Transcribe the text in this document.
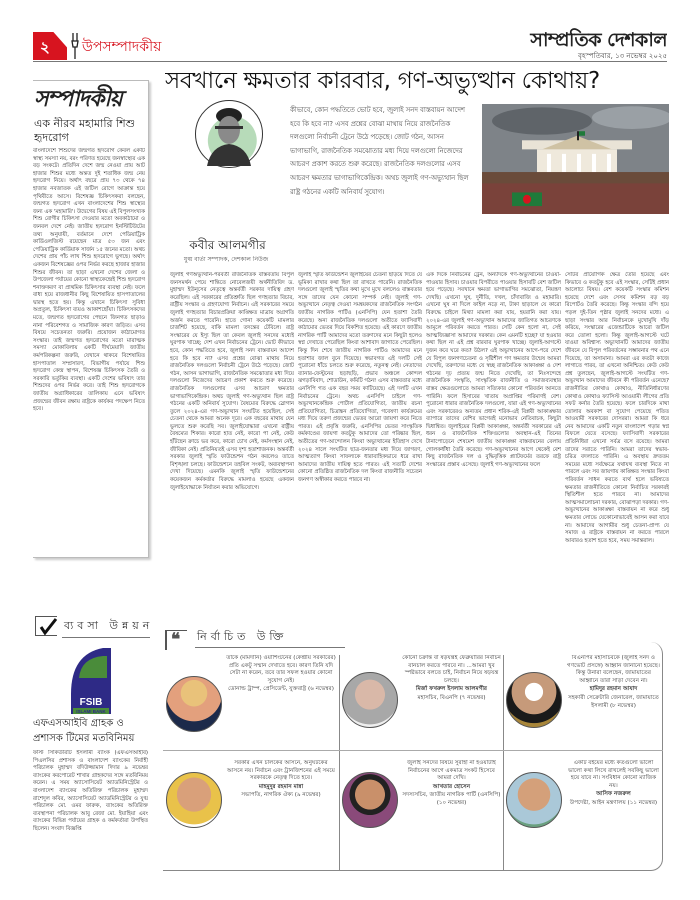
২ উপসম্পাদকীয়	সাম্প্রতিক দেশকাল
বৃহস্পতিবার, ১৩ নভেম্বর ২০২৫
সম্পাদকীয়
এক নীরব মহামারি শিশু হৃদরোগ
বাংলাদেশে শিশুদের জন্মগত হৃদরোগ কেবল একটি স্বাস্থ্য সমস্যা নয়, বরং পরিণত হয়েছে জনস্বাস্থ্যের এক বড় সংকটে। প্রতিদিন দেশে জন্ম নেওয়া প্রায় আট হাজার শিশুর মধ্যে অন্তত দুই শতাধিক জন্ম নেয় হৃদরোগ নিয়ে। অর্থাৎ বছরে প্রায় ৭৩ থেকে ৭৪ হাজার নবজাতক এই জটিল রোগে আক্রান্ত হয়ে পৃথিবীতে আসে। বিশেষজ্ঞ চিকিৎসকরা বলছেন, জন্মগত হৃদরোগ এখন বাংলাদেশের শিশু স্বাস্থ্যের জন্য এক 'মহামারি'। উদ্বেগের বিষয় এই বিপুলসংখ্যক শিশু রোগীর চিকিৎসা দেওয়ার মতো অবকাঠামো ও জনবল দেশে নেই। জাতীয় হৃদরোগ ইনস্টিটিউটের তথ্য অনুযায়ী, বর্তমানে দেশে পেডিয়াট্রিক কার্ডিওলজিস্ট রয়েছেন মাত্র ৫৩ জন এবং পেডিয়াট্রিক কার্ডিয়াক সার্জন ১৫ জনের মতো। অথচ দেশের প্রায় পাঁচ লাখ শিশু হৃদরোগে ভুগছে। অর্থাৎ একজন বিশেষজ্ঞের ওপর নির্ভর করছে হাজার হাজার শিশুর জীবন। তা ছাড়া এখনো দেশের জেলা ও উপজেলা পর্যায়ের কোনো স্বাস্থ্যকেন্দ্রেই শিশু হৃদরোগ শনাক্তকরণ বা প্রাথমিক চিকিৎসার ব্যবস্থা নেই। ফলে বাধ্য হয়ে রাজধানীর কিছু বিশেষায়িত হাসপাতালের দ্বারস্থ হতে হয়। কিন্তু এখানে চিকিৎসা সুবিধা অপ্রতুল, চিকিৎসা ব্যয়ও আকাশছোঁয়া। চিকিৎসকদের মতে, জন্মগত হৃদরোগের পেছনে জিনগত ছাড়াও নানা পরিবেশগত ও সামাজিক কারণ জড়িত। এসব বিষয়ে সচেতনতা জরুরি। প্রয়োজন কাঠামোগত সংস্কার। তাই জন্মগত হৃদরোগের মতো মারাত্মক সমস্যা মোকাবিলায় একটি দীর্ঘমেয়াদি জাতীয় কর্মপরিকল্পনা জরুরি, যেখানে থাকবে বিশেষায়িত হাসপাতাল সম্প্রসারণ, বিভাগীয় পর্যায়ে শিশু হৃদরোগ কেন্দ্র স্থাপন, বিশেষজ্ঞ চিকিৎসক তৈরি ও সরকারি ভর্তুকির ব্যবস্থা। একটি দেশের ভবিষ্যৎ তার শিশুদের ওপর নির্ভর করে। তাই শিশু হৃদরোগকে জাতীয় অগ্রাধিকারের তালিকায় এনে ভবিষ্যৎ প্রজন্মের জীবন রক্ষায় রাষ্ট্রকে কার্যকর পদক্ষেপ নিতে হবে।
সবখানে ক্ষমতার কারবার, গণ-অভ্যুত্থান কোথায়?
কবীর আলমগীর
যুগ্ম বার্তা সম্পাদক, দেশকাল নিউজ
কীভাবে, কোন পদ্ধতিতে ভোট হবে, জুলাই সনদ বাস্তবায়ন আদেশ হবে কি হবে না? এসব প্রশ্নের বোঝা মাথায় নিয়ে রাজনৈতিক দলগুলো নির্বাচনী ট্রেনে উঠে পড়েছে। জোট গঠন, আসন ভাগাভাগি, রাজনৈতিক সমঝোতার মধ্য দিয়ে দলগুলো নিজেদের আচরণ প্রকাশ করতে শুরু করেছে। রাজনৈতিক দলগুলোর এসব আচরণ ক্ষমতার ভাগাভাগিকেন্দ্রিক। অথচ জুলাই গণ-অভ্যুত্থান ছিল রাষ্ট্র গঠনের একটি অনিবার্য সুযোগ।
জুলাই গণঅভ্যুত্থান-পরবর্তী রাজনৈতিক বাস্তবতায় বিপুল জনসমর্থন পেয়ে শান্তিতে নোবেলজয়ী অর্থনীতিবিদ ড. মুহাম্মদ ইউনূসের নেতৃত্বে অন্তর্বর্তী সরকার দায়িত্ব গ্রহণ করেছিল। এই সরকারের প্রতিশ্রুতি ছিল গণহত্যার বিচার, রাষ্ট্রীয় সংস্কার ও গ্রহণযোগ্য নির্বাচন। এই সরকারের সময়ে জুলাই গণহত্যার বিচারপ্রক্রিয়া কাঙ্ক্ষিত মাত্রায় অগ্রগতি অর্জন করতে পারেনি। হাতে গোনা কয়েকটি মামলার চার্জশিট হয়েছে, বাকি মামলা তদন্তের টেবিলে। রাষ্ট্র সংস্কারের যে ইস্যু ছিল তা কেবল জুলাই সনদের মধ্যেই ঘুরপাক খাচ্ছে; দেশ এখন নির্বাচনের ট্রেনে। ভোট কীভাবে হবে, কোন পদ্ধতিতে হবে, জুলাই সনদ বাস্তবায়ন আদেশ হবে কি হবে না? এসব প্রশ্নের বোঝা মাথায় নিয়ে রাজনৈতিক দলগুলো নির্বাচনী ট্রেনে উঠে পড়েছে। জোট গঠন, আসন ভাগাভাগি, রাজনৈতিক সমঝোতার মধ্য দিয়ে দলগুলো নিজেদের আচরণ প্রকাশ করতে শুরু করেছে। রাজনৈতিক দলগুলোর এসব আচরণ ক্ষমতার ভাগাভাগিকেন্দ্রিক। অথচ জুলাই গণ-অভ্যুত্থান ছিল রাষ্ট্র গঠনের একটি অনিবার্য সুযোগ। বৈষম্যের বিরুদ্ধে স্লোগান তুলে ২০২৪-এর গণ-অভ্যুত্থান সংঘটিত হয়েছিল, সেই চেতনা থেকে আমরা অনেক দূরে। এক বছরের মাথায় যেন ভুলতে শুরু করেছি সব। জুলাইযোদ্ধারা এখনো রাষ্ট্রীয় বৈষম্যের শিকার। কারো হাত নেই, কারো পা নেই, কেউ হাঁটছেন ক্রাচে ভর করে, কারো চোখ নেই, কর্মসংস্থান নেই, জীবিকা নেই। প্রতিনিয়তই এসব দৃশ্য হতাশাজনক। অন্তর্বর্তী সরকার জুলাই স্মৃতি ফাউন্ডেশন গঠন করলেও তাতে বিশৃঙ্খলা চলছে। ফাউন্ডেশনে তহবিল সংকট, অব্যবস্থাপনা দেখা দিয়েছে। এমনকি জুলাই স্মৃতি ফাউন্ডেশনের কয়েকজন কর্মকর্তার বিরুদ্ধে মামলাও হয়েছে একজন জুলাইযোদ্ধাকে নির্যাতন করার অভিযোগে।
জুলাই স্মৃতি ফাউন্ডেশন জুলাইয়ের চেতনা ছড়িয়ে দিতে যে ভূমিকা রাখার কথা ছিল তা রাখতে পারেনি। রাজনৈতিক দলগুলো জুলাই স্মৃতির কথা মুখে মুখে বললেও বাস্তবতার সঙ্গে তাদের যেন কোনো সম্পর্ক নেই। জুলাই গণ-অভ্যুত্থানে নেতৃত্ব দেওয়া সমন্বয়কদের রাজনৈতিক সংগঠন জাতীয় নাগরিক পার্টিও (এনসিপি) যেন হতাশা তৈরি করেছে। অন্য রাজনৈতিক দলগুলো অতীতে ফ্যাসিবাদী কাঠামোর ভেতর দিয়ে বিকশিত হয়েছে। এই কারণে জাতীয় নাগরিক পার্টি আমাদের মতো তরুণদের মনে কিছুটা হলেও স্বপ্ন দেখাতে পেরেছিল কিংবা আশাবাদ জাগাতে পেরেছিল। কিন্তু দিন শেষে জাতীয় নাগরিক পার্টিও আমাদের মনে হতাশার জাল বুনে দিয়েছে। স্বভাবগত এই দলটি সেই পুরোনো ধাঁচে চলতে শুরু করেছে, নতুনত্ব নেই। নেতাদের ব্যানার-ফেস্টুনের ছড়াছড়ি, প্রভাব অঞ্চলে কোন্দল ঝগড়াবিবাদ, শোডাউন, কমিটি গঠন! এসব বাস্তবতার মধ্যে এনসিপি গত এক বছর সময় কাটিয়েছে। এই দলটি এখন নির্বাচনের ট্রেনে। অথচ এনসিপি চাইলে গণ-অভ্যুত্থানকেন্দ্রিক পোর্টাল প্রতিযোগিতা, জাতীয় রচনা প্রতিযোগিতা, চিত্রাঙ্কন প্রতিযোগিতা, গবেষণা কার্যক্রমের মধ্য দিয়ে তরুণ প্রজন্মের ভেতর আরো জায়গা করে নিতে পারত। এই প্রবৃত্তি জরুরি, এনসিপির ভেতর সাংস্কৃতিক কর্মকাণ্ডের জায়গা কতটুকু আমাদের তো পরিষ্কার ছিল, অতীতের গণ-আন্দোলন কিংবা অভ্যুত্থানের ইতিহাস দেখে ২০২৪ সালে সংঘটিত ছাত্র-জনতার মধ্য দিয়ে জাগরণ, আত্মত্যাগ কিংবা সাফল্যকে ধারাবাহিকভাবে ধরে রাখা আমাদের জাতীয় দায়িত্ব হতে পারত। এই সত্যটি দেশের কোনো প্রতিষ্ঠিত রাজনৈতিক দল কিংবা রাজনীতি সচেতন জনগণ অস্বীকার করতে পারবে না।
এক দিকে নির্বাচনের ট্রেন, অন্যদিকে গণ-অভ্যুত্থানের চাওয়া-পাওয়ার হিসাব। চাওয়ার বিপরীতে পাওয়ার হিসাবটি বেশ জটিল হয়ে পড়েছে। সবখানে ক্ষমতা ভাগাভাগির সমঝোতা, নিয়ন্ত্রণ দেখছি। এখনো ঘুষ, দুর্নীতি, দখল, চাঁদাবাজি ও মহামারি। এখনো ঘুষ না দিলে ফাইল নড়ে না, টাকা ছাড়ালে যে কারো বিরুদ্ধে চাইলে মিথ্যা মামলা করা যায়, হয়রানি করা যায়। ২০২৪-এর জুলাই গণ-অভ্যুত্থান আমাদের জাতিগত আচরণকে আমূলে পরিবর্তন করতে পারত। সেটি কেন হলো না, সেই আত্মজিজ্ঞাসা আমাদের দরকার। কেন এমনটি হচ্ছে? যা হওয়ার কথা ছিল না এই প্রশ্ন বারবার ঘুরপাক খাচ্ছে। জুলাই-আগস্টে দুজন কবে ঘরে কত? উঠল? এই অভ্যুত্থানের আগে-পরে দেশে যে বিপুল জনগণচেতনা ও সৃষ্টিশীল গণ ক্ষমতার উন্মেষ আমরা দেখেছি, তরুণদের মধ্যে যে স্বচ্ছ রাজনৈতিক আকাঙ্ক্ষা ও দেশ গঠনের দৃঢ় প্রত্যয় জন্ম নিতে দেখেছি, তা নিঃসন্দেহে রাজনৈতিক সংস্কৃতি, সাংস্কৃতিক রাজনীতি ও সমাজব্যবস্থার বাস্তব ক্ষেত্রগুলোতে আমরা সত্যিকার কোনো পরিবর্তন আনতে পারিনি। ফলে হিসাবের খাতায় অপ্রাপ্তির পরিমাণই বেশ। পুরোনো ধারার রাজনৈতিক দলগুলো, যারা এই গণ-অভ্যুত্থানের এবং সরকারেরও অন্যতম প্রধান শরিক-এই বিপ্লবী আকাঙ্ক্ষার ব্যাপারে তাদের বেশির ভাগেরই মনোভাব নেতিবাচক, কিছুটা দ্বিধান্বিত। জুলাইয়ের বিপ্লবী আকাঙ্ক্ষা, অন্তর্বর্তী সরকারের এই ধরন ও রাজনৈতিক শক্তিগুলোর অবস্থান-এই তিনের টানাপোড়েনে শেষমেশ জাতীয় আকাঙ্ক্ষা বাস্তবায়নের বেলায় গোলকধাঁধা তৈরি করেছে। গণ-অভ্যুত্থানের আগে থেকেই বেশ কিছু রাজনৈতিক দল ও বুদ্ধিবৃত্তিক প্ল্যাটফর্মের তরফে রাষ্ট্র সংস্কারের প্রস্তাব এসেছে। জুলাই গণ-অভ্যুত্থানের ফলে
সেটির প্রায়োগিক ক্ষেত্র তৈরি হয়েছে এবং কিভাবে ও কতটুকু হবে এই সংস্কার, সেটিই প্রধান আলোচ্য বিষয়। বেশ কয়েকটি সংস্কার কমিশন হয়েছে দেশে এবং সেসব কমিশন বড় বড় রিপোর্টও তৈরি করেছে। কিন্তু সংস্কার বন্দি হয়ে পড়ল দুই-তিন পৃষ্ঠার জুলাই সনদের মধ্যে। এ ছাড়া সংস্কার আর নির্বাচনকে মুখোমুখি দাঁড় করিয়ে, সংস্কারের এজেন্ডাটিকে আরো জটিল করে তোলা হলো। কিন্তু জুলাই-আগস্টে ঘটে যাওয়া অবিশ্বাস্য অভ্যুত্থানটি আমাদের জাতীয় জীবনে যে বিপুল পরিবর্তনের সম্ভাবনার পথ এনে দিয়েছে, তা অসামান্য। আমরা এর কতটা কাজে লাগাতে পারব, তা এখনো অনিশ্চিত। কেউ কেউ প্রশ্ন তুলছেন, জুলাই-আগস্টে সংঘটিত গণ-অভ্যুত্থান আমাদের জীবনে কী পরিবর্তন এনেছে? রাজনীতির কোথাও কোথাও, নীতিনির্ধারণের কোথাও কোথাও ফ্যাসিস্ট আওয়ামী লীগের প্রতি সফট কর্নার তৈরি হয়েছে। ফলে চারদিকে মাথা তোলার অবকাশ বা সুযোগ পেয়েছে পতিত আওয়ামী সরকারের দোসররা। আমরা কি ধরে নেব আমাদের একটি নতুন বাংলাদেশ গড়ার স্বপ্ন বিফলে যেতে বসেছে। ফ্যাসিবাদী সরকারের প্রতিনিধিরা এখনো সর্বত্র বসে রয়েছে। আমরা তাদের সরাতে পারিনি। আমরা তাদের স্বভাব-চরিত্র বদলাতে পারিনি। এ অবস্থায় দ্রুততম সময়ের মধ্যে সর্বক্ষেত্রে যথাযথ ব্যবস্থা নিতে না পারলে এবং সব জায়গায় কাঙ্ক্ষিত সংস্কার কিংবা পরিবর্তন সাধন করতে ব্যর্থ হলে ভবিষ্যতে ক্ষমতার রাজনীতিতে কোনো নির্বাচিত সরকারই স্থিতিশীল হতে পারবে না। আমাদের আত্মসমালোচনা দরকার, বোঝাপড়া দরকার। গণ-অভ্যুত্থানের আকাঙ্ক্ষা বাস্তবায়ন না করে শুধু ক্ষমতার লোভে যেকোনোভাবেই আসন করা যাবে না। আমাদের আগামীর শুধু চেতনা-প্রাপ্য যে সমাজ ও রাষ্ট্রকে বাস্তবায়ন না করতে পারলে আবারও হতাশ হতে হবে, সময় সমান্তরাল।
ব্যবসা উন্নয়ন
FSIB
ISLAMI BANK
এফএসআইবি গ্রাহক ও প্রশাসক টিমের মতবিনিময়
ফার্স্ট সিকিউরিটি ইসলামী ব্যাংক (এফএসআইবি) পিএলসির প্রশাসক ও বাংলাদেশ ব্যাংকের নির্বাহী পরিচালক মুহাম্মদ বদিউজ্জামান দিদার ৯ নভেম্বর ব্যাংকের করপোরেট শাখার গ্রাহকদের সঙ্গে মতবিনিময় করেন। এ সময় অ্যাসোসিয়েট অ্যাডমিনিস্ট্রেটর ও বাংলাদেশ ব্যাংকের অতিরিক্ত পরিচালক মুহাম্মদ রাশেদুল কবির, অ্যাসোসিয়েট অ্যাডমিনিস্ট্রেটর ও যুগ্ম পরিচালক মো. ওমর ফারুক, ব্যাংকের অতিরিক্ত ব্যবস্থাপনা পরিচালক আবু রেজা মো. ইয়াহিয়া এবং ব্যাংকের বিভিন্ন পর্যায়ের গ্রাহক ও কর্মকর্তারা উপস্থিত ছিলেন। সংবাদ বিজ্ঞপ্তি
❝ নির্বাচিত উক্তি
তাকে (মামদানি) ওয়াশিংটনের (কেন্দ্রীয় সরকারের) প্রতি একটু সম্মান দেখাতে হবে। কারণ তিনি যদি সেটা না করেন, তবে তার সফল হওয়ার কোনো সুযোগ নেই।
ডোনাল্ড ট্রাম্প, প্রেসিডেন্ট, যুক্তরাষ্ট্র (৬ নভেম্বর)
কোনো চক্রান্ত বা ষড়যন্ত্রই ফেব্রুয়ারির নির্বাচন বানচাল করতে পারবে না। ...আমরা খুব স্পষ্টভাবে বলতে চাই, নির্বাচন নিয়ে ষড়যন্ত্র চলছে।
মির্জা ফখরুল ইসলাম আলমগীর
মহাসচিব, বিএনপি (৭ নভেম্বর)
বিএনপির মহাসচিবকে (জুলাই সনদ ও গণভোট প্রসঙ্গে) আহ্বান জানানো হয়েছে। কিন্তু উনারা বলেছেন, জামায়াতের আহ্বানে তারা সাড়া দেবেন না।
হামিদুর রহমান আযাদ
সহকারী সেক্রেটারি জেনারেল, জামায়াতে ইসলামী (৮ নভেম্বর)
সরকার এখন চালকের আসনে, অনুঘটকের আসনে নয়। নির্বাচন এবং ট্রানজিশনের এই সময়ে সরকারকে নেতৃত্ব দিতে হবে।
মাহমুদুর রহমান মান্না
সভাপতি, নাগরিক ঐক্য (৯ নভেম্বর)
জুলাই সনদের বিষয়ে সুরাহা না হওয়াটাই নির্বাচনের আগে একমাত্র সংকট হিসেবে আমরা দেখি।
আখতার হোসেন
সদস্যসচিব, জাতীয় নাগরিক পার্টি (এনসিপি) (১০ নভেম্বর)
একটি বইয়ের মধ্যে কতগুলো ভালো ভালো কথা লিখে রাখলেই সবকিছু ভালো হয়ে যাবে না। সংবিধান কোনো ম্যাজিক নয়।
আসিফ নজরুল
উপদেষ্টা, আইন মন্ত্রণালয় (১১ নভেম্বর)
